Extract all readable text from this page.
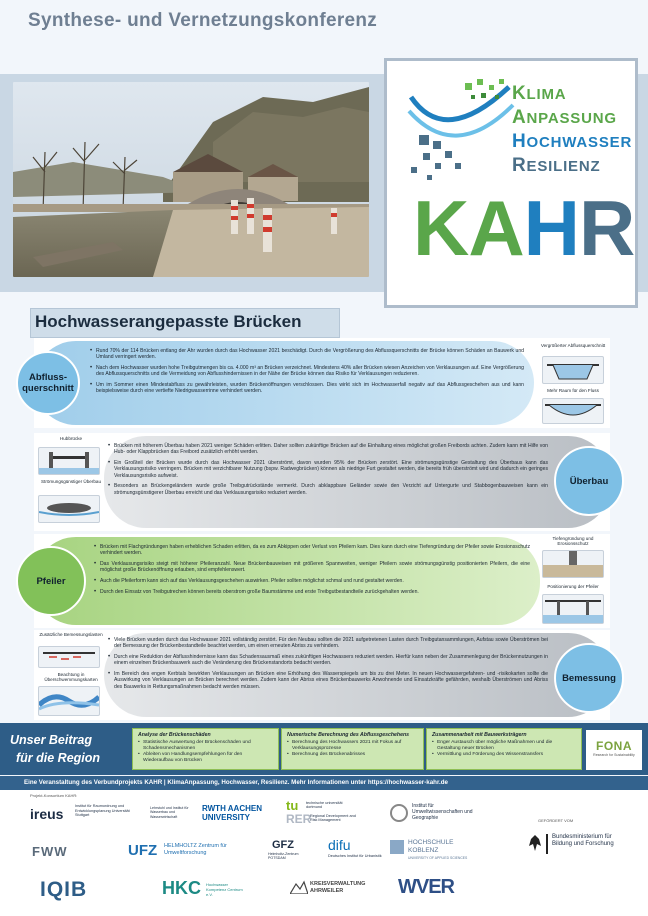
Synthese- und Vernetzungskonferenz
KLIMA
ANPASSUNG
HOCHWASSER
RESILIENZ
KAHR
Hochwasserangepasste Brücken
Abfluss-querschnitt
• Rund 70% der 114 Brücken entlang der Ahr wurden durch das Hochwasser 2021 beschädigt. Durch die Vergrößerung des Abflussquerschnitts der Brücke können Schäden an Bauwerk und Umland verringert werden.
• Nach dem Hochwasser wurden hohe Treibgutmengen bis ca. 4.000 m³ an Brücken verzeichnet. Mindestens 40% aller Brücken wiesen Anzeichen von Verklausungen auf. Eine Vergrößerung des Abflussquerschnitts und die Vermeidung von Abflusshindernissen in der Nähe der Brücke können das Risiko für Verklausungen reduzieren.
• Um im Sommer einen Mindestabfluss zu gewährleisten, wurden Brückenöffnungen verschlossen. Dies wirkt sich im Hochwasserfall negativ auf das Abflussgeschehen aus und kann beispielsweise durch eine vertiefte Niedrigwasserrinne verhindert werden.
Vergrößerter Abflussquerschnitt
Mehr Raum für den Fluss
Überbau
Hubbrücke
Strömungsgünstiger Überbau
• Brücken mit höherem Überbau haben 2021 weniger Schäden erlitten. Daher sollten zukünftige Brücken auf die Einhaltung eines möglichst großen Freibords achten. Zudem kann mit Hilfe von Hub- oder Klappbrücken das Freibord zusätzlich erhöht werden.
• Ein Großteil der Brücken wurde durch das Hochwasser 2021 überströmt, davon wurden 95% der Brücken zerstört. Eine strömungsgünstige Gestaltung des Überbaus kann das Verklausungsrisiko verringern. Brücken mit verzichtbarer Nutzung (bspw. Radwegbrücken) können als niedrige Furt gestaltet werden, die bereits früh überströmt wird und dadurch ein geringes Verklausungsrisiko aufweist.
• Besonders an Brückengeländern wurde große Treibgutrückstände vermerkt. Durch abklappbare Geländer sowie den Verzicht auf Untergurte und Stabbogenbauweisen kann ein strömungsgünstigerer Überbau erreicht und das Verklausungsrisiko reduziert werden.
Pfeiler
• Brücken mit Flachgründungen haben erheblichen Schaden erlitten, da es zum Abkippen oder Verlust von Pfeilern kam. Dies kann durch eine Tiefengründung der Pfeiler sowie Erosionsschutz verhindert werden.
• Das Verklausungsrisiko steigt mit höherer Pfeileranzahl. Neue Brückenbauweisen mit größeren Spannweiten, weniger Pfeilern sowie strömungsgünstig positionierten Pfeilern, die eine möglichst große Brückenöffnung erlauben, sind empfehlenswert.
• Auch die Pfeilerform kann sich auf das Verklausungsgeschehen auswirken. Pfeiler sollten möglichst schmal und rund gestaltet werden.
• Durch den Einsatz von Treibgutrechen können bereits oberstrom große Baumstämme und erste Treibgutbestandteile zurückgehalten werden.
Tiefengründung und Erosionsschutz
Positionierung der Pfeiler
Bemessung
Zusätzliche Bemessungslasten
Beachtung in Überschwemmungskarten
• Viele Brücken wurden durch das Hochwasser 2021 vollständig zerstört. Für den Neubau sollten die 2021 aufgetretenen Lasten durch Treibgutansammlungen, Aufstau sowie Überströmen bei der Bemessung der Brückenbestandteile beachtet werden, um einen erneuten Abriss zu verhindern.
• Durch eine Reduktion der Abflusshindernisse kann das Schadensausmaß eines zukünftigen Hochwassers reduziert werden. Hierfür kann neben der Zusammenlegung der Brückennutzungen in einem einzelnen Brückenbauwerk auch die Veränderung des Brückenstandorts bedacht werden.
• Im Bereich des engen Kerbtals bewirkten Verklausungen an Brücken eine Erhöhung des Wasserspiegels um bis zu drei Meter. In neuen Hochwassergefahren- und -risikokarten sollte die Auswirkung von Verklausungen an Brücken berechnet werden. Zudem kann der Abriss eines Brückenbauwerks Anwohnende und Einsatzkräfte gefährden, weshalb Überströmen und Abriss des Bauwerks in Rettungsmaßnahmen bedacht werden müssen.
Unser Beitrag
für die Region
Analyse der Brückenschäden
• Statistische Auswertung der Brückenschäden und Schadensmechanismen
• Ableiten von Handlungsempfehlungen für den Wiederaufbau von Brücken
Numerische Berechnung des Abflussgeschehens
• Berechnung des Hochwassers 2021 mit Fokus auf Verklausungsprozesse
• Berechnung des Brückenabrisses
Zusammenarbeit mit Bauwerksträgern
• Enger Austausch über mögliche Maßnahmen und die Gestaltung neuer Brücken
• Vermittlung und Förderung des Wissenstransfers
FONA
Research for Sustainability
Eine Veranstaltung des Verbundprojekts KAHR | KlimaAnpassung, Hochwasser, Resilienz. Mehr Informationen unter https://hochwasser-kahr.de
Projekt-Konsortium KAHR:
ireus	Institut für Raumordnung und Entwicklungsplanung Universität Stuttgart
Lehrstuhl und Institut für Wasserbau und Wasserwirtschaft
RWTH AACHEN UNIVERSITY
tu technische universität dortmund
RER
Regional Development and Risk Management
Institut für Umweltwissenschaften und Geographie	GEFÖRDERT VOM
Bundesministerium für Bildung und Forschung
FWW	UFZ HELMHOLTZ Zentrum für Umweltforschung
GFZ
Helmholtz-Zentrum POTSDAM
difu
Deutsches Institut für Urbanistik
HOCHSCHULE KOBLENZ
UNIVERSITY OF APPLIED SCIENCES
IQIB	HKC Hochwasser Kompetenz Centrum e.V.
KREISVERWALTUNG AHRWEILER	WVER
